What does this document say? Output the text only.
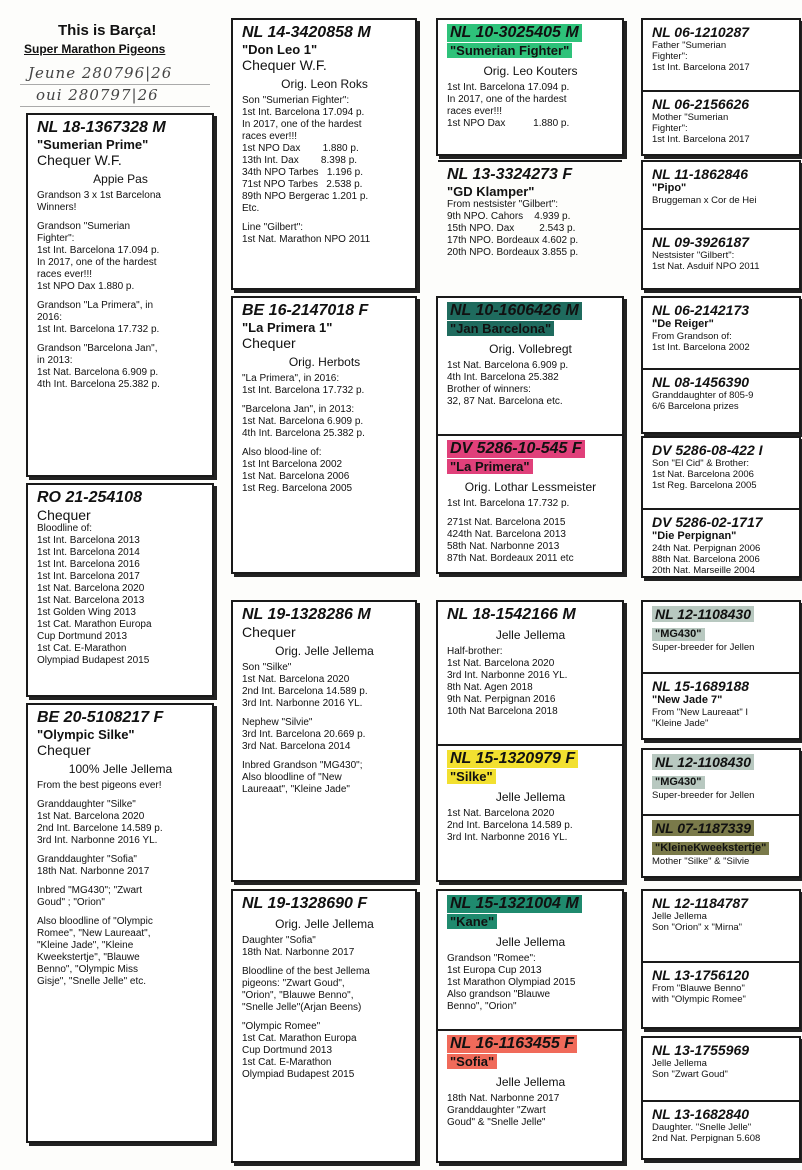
This is Barça!
Super Marathon Pigeons
Jeune 280796|26
oui 280797|26
NL 18-1367328 M
"Sumerian Prime"
Chequer W.F.
Appie Pas
Grandson 3 x 1st Barcelona
Winners!
Grandson "Sumerian
Fighter":
1st Int. Barcelona 17.094 p.
In 2017, one of the hardest
races ever!!!
1st NPO Dax 1.880 p.
Grandson "La Primera", in
2016:
1st Int. Barcelona 17.732 p.
Grandson "Barcelona Jan",
in 2013:
1st Nat. Barcelona 6.909 p.
4th Int. Barcelona 25.382 p.
RO 21-254108
Chequer
Bloodline of:
1st Int. Barcelona 2013
1st Int. Barcelona 2014
1st Int. Barcelona 2016
1st Int. Barcelona 2017
1st Nat. Barcelona 2020
1st Nat. Barcelona 2013
1st Golden Wing 2013
1st Cat. Marathon Europa
Cup Dortmund 2013
1st Cat. E-Marathon
Olympiad Budapest 2015
BE 20-5108217 F
"Olympic Silke"
Chequer
100% Jelle Jellema
From the best pigeons ever!
Granddaughter "Silke"
1st Nat. Barcelona 2020
2nd Int. Barcelone 14.589 p.
3rd Int. Narbonne 2016 YL.
Granddaughter "Sofia"
18th Nat. Narbonne 2017
Inbred "MG430"; "Zwart
Goud" ; "Orion"
Also bloodline of "Olympic
Romee", "New Laureaat",
"Kleine Jade", "Kleine
Kweekstertje", "Blauwe
Benno", "Olympic Miss
Gisje", "Snelle Jelle" etc.
NL 14-3420858 M
"Don Leo 1"
Chequer W.F.
Orig. Leon Roks
Son "Sumerian Fighter":
1st Int. Barcelona 17.094 p.
In 2017, one of the hardest
races ever!!!
1st NPO Dax        1.880 p.
13th Int. Dax        8.398 p.
34th NPO Tarbes   1.196 p.
71st NPO Tarbes   2.538 p.
89th NPO Bergerac 1.201 p.
Etc.
Line "Gilbert":
1st Nat. Marathon NPO 2011
BE 16-2147018 F
"La Primera 1"
Chequer
Orig. Herbots
"La Primera", in 2016:
1st Int. Barcelona 17.732 p.
"Barcelona Jan", in 2013:
1st Nat. Barcelona 6.909 p.
4th Int. Barcelona 25.382 p.
Also blood-line of:
1st Int Barcelona 2002
1st Nat. Barcelona 2006
1st Reg. Barcelona 2005
NL 19-1328286 M
Chequer
Orig. Jelle Jellema
Son "Silke"
1st Nat. Barcelona 2020
2nd Int. Barcelona 14.589 p.
3rd Int. Narbonne 2016 YL.
Nephew "Silvie"
3rd Int. Barcelona 20.669 p.
3rd Nat. Barcelona 2014
Inbred Grandson "MG430";
Also bloodline of "New
Laureaat", "Kleine Jade"
NL 19-1328690 F
Orig. Jelle Jellema
Daughter "Sofia"
18th Nat. Narbonne 2017
Bloodline of the best Jellema
pigeons: "Zwart Goud",
"Orion", "Blauwe Benno",
"Snelle Jelle"(Arjan Beens)
"Olympic Romee"
1st Cat. Marathon Europa
Cup Dortmund 2013
1st Cat. E-Marathon
Olympiad Budapest 2015
NL 10-3025405 M"Sumerian Fighter"
Orig. Leo Kouters
1st Int. Barcelona 17.094 p.
In 2017, one of the hardest
races ever!!!
1st NPO Dax          1.880 p.
NL 13-3324273 F
"GD Klamper"
From nestsister "Gilbert":
9th NPO. Cahors    4.939 p.
15th NPO. Dax         2.543 p.
17th NPO. Bordeaux 4.602 p.
20th NPO. Bordeaux 3.855 p.
NL 10-1606426 M"Jan Barcelona"
Orig. Vollebregt
1st Nat. Barcelona 6.909 p.
4th Int. Barcelona 25.382
Brother of winners:
32, 87 Nat. Barcelona etc.
DV 5286-10-545 F"La Primera"
Orig. Lothar Lessmeister
1st Int. Barcelona 17.732 p.
271st Nat. Barcelona 2015
424th Nat. Barcelona 2013
58th Nat. Narbonne 2013
87th Nat. Bordeaux 2011 etc
NL 18-1542166 M
Jelle Jellema
Half-brother:
1st Nat. Barcelona 2020
3rd Int. Narbonne 2016 YL.
8th Nat. Agen 2018
9th Nat. Perpignan 2016
10th Nat Barcelona 2018
NL 15-1320979 F"Silke"
Jelle Jellema
1st Nat. Barcelona 2020
2nd Int. Barcelona 14.589 p.
3rd Int. Narbonne 2016 YL.
NL 15-1321004 M"Kane"
Jelle Jellema
Grandson "Romee":
1st Europa Cup 2013
1st Marathon Olympiad 2015
Also grandson "Blauwe
Benno", "Orion"
NL 16-1163455 F"Sofia"
Jelle Jellema
18th Nat. Narbonne 2017
Granddaughter "Zwart
Goud" & "Snelle Jelle"
NL 06-1210287
Father "Sumerian
Fighter":
1st Int. Barcelona 2017
NL 06-2156626
Mother "Sumerian
Fighter":
1st Int. Barcelona 2017
NL 11-1862846
"Pipo"
Bruggeman x Cor de Hei
NL 09-3926187
Nestsister "Gilbert":
1st Nat. Asduif NPO 2011
NL 06-2142173
"De Reiger"
From Grandson of:
1st Int. Barcelona 2002
NL 08-1456390
Granddaughter of 805-9
6/6 Barcelona prizes
DV 5286-08-422 I
Son "El Cid" & Brother:
1st Nat. Barcelona 2006
1st Reg. Barcelona 2005
DV 5286-02-1717
"Die Perpignan"
24th Nat. Perpignan 2006
88th Nat. Barcelona 2006
20th Nat. Marseille 2004
NL 12-1108430"MG430"
Super-breeder for Jellen
NL 15-1689188
"New Jade 7"
From "New Laureaat" I
"Kleine Jade"
NL 12-1108430"MG430"
Super-breeder for Jellen
NL 07-1187339"KleineKweekstertje"
Mother "Silke" & "Silvie
NL 12-1184787
Jelle Jellema
Son "Orion" x "Mirna"
NL 13-1756120
From "Blauwe Benno"
with "Olympic Romee"
NL 13-1755969
Jelle Jellema
Son "Zwart Goud"
NL 13-1682840
Daughter. "Snelle Jelle"
2nd Nat. Perpignan 5.608
